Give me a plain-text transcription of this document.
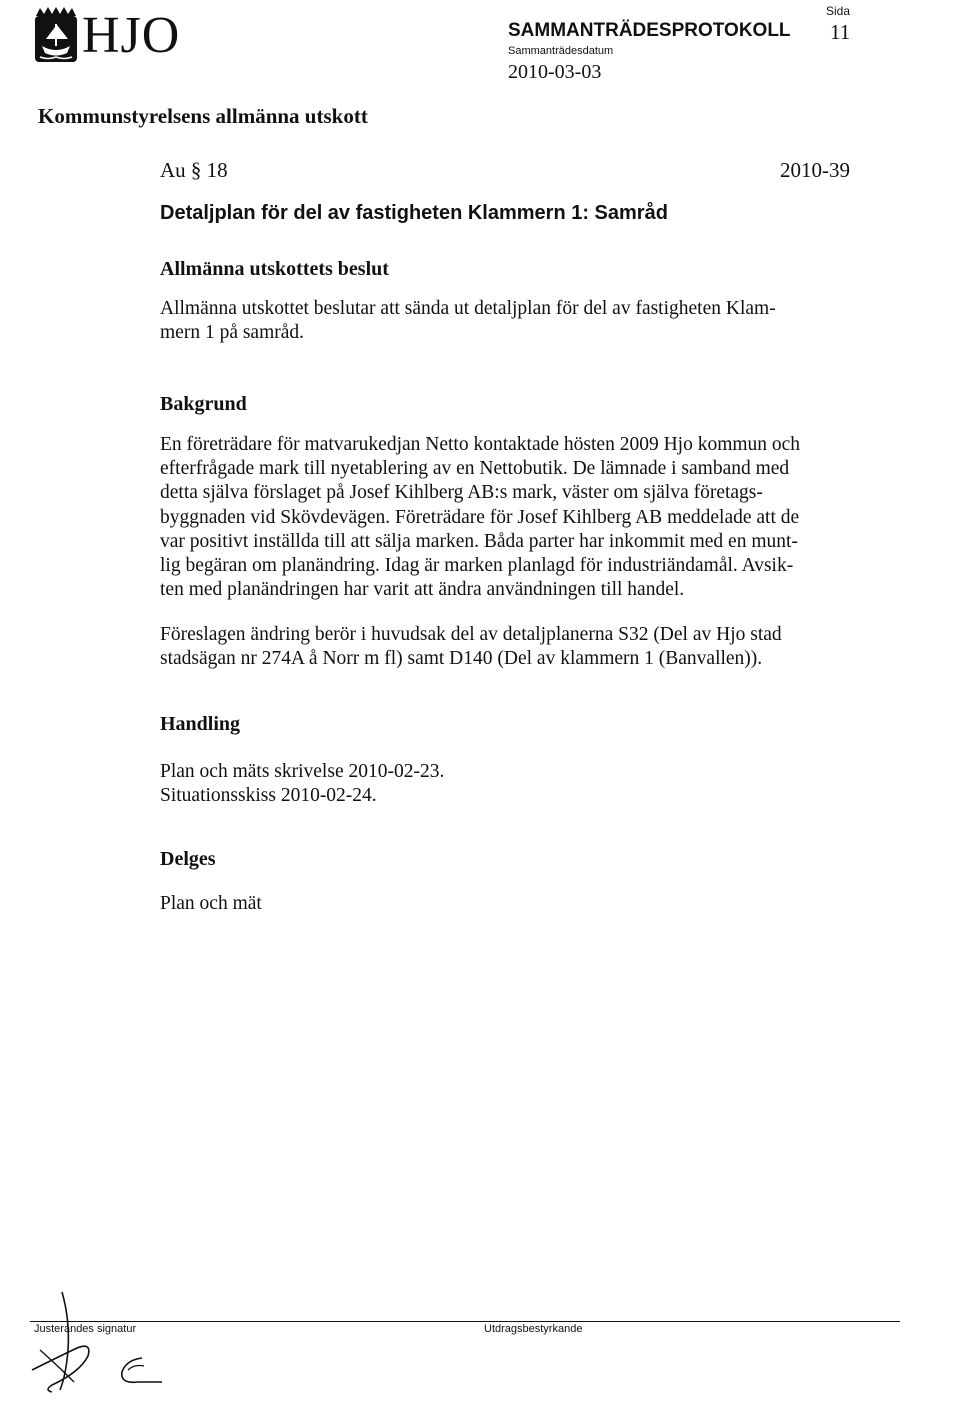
HJO	SAMMANTRÄDESPROTOKOLL
Sammanträdesdatum
2010-03-03
Sida
11
Kommunstyrelsens allmänna utskott
Au § 18	2010-39
Detaljplan för del av fastigheten Klammern 1: Samråd
Allmänna utskottets beslut

Allmänna utskottet beslutar att sända ut detaljplan för del av fastigheten Klam-
mern 1 på samråd.

Bakgrund

En företrädare för matvarukedjan Netto kontaktade hösten 2009 Hjo kommun och
efterfrågade mark till nyetablering av en Nettobutik. De lämnade i samband med
detta själva förslaget på Josef Kihlberg AB:s mark, väster om själva företags-
byggnaden vid Skövdevägen. Företrädare för Josef Kihlberg AB meddelade att de
var positivt inställda till att sälja marken. Båda parter har inkommit med en munt-
lig begäran om planändring. Idag är marken planlagd för industriändamål. Avsik-
ten med planändringen har varit att ändra användningen till handel.

Föreslagen ändring berör i huvudsak del av detaljplanerna S32 (Del av Hjo stad
stadsägan nr 274A å Norr m fl) samt D140 (Del av klammern 1 (Banvallen)).

Handling

Plan och mäts skrivelse 2010-02-23.
Situationsskiss 2010-02-24.

Delges

Plan och mät

Justerandes signatur	Utdragsbestyrkande
